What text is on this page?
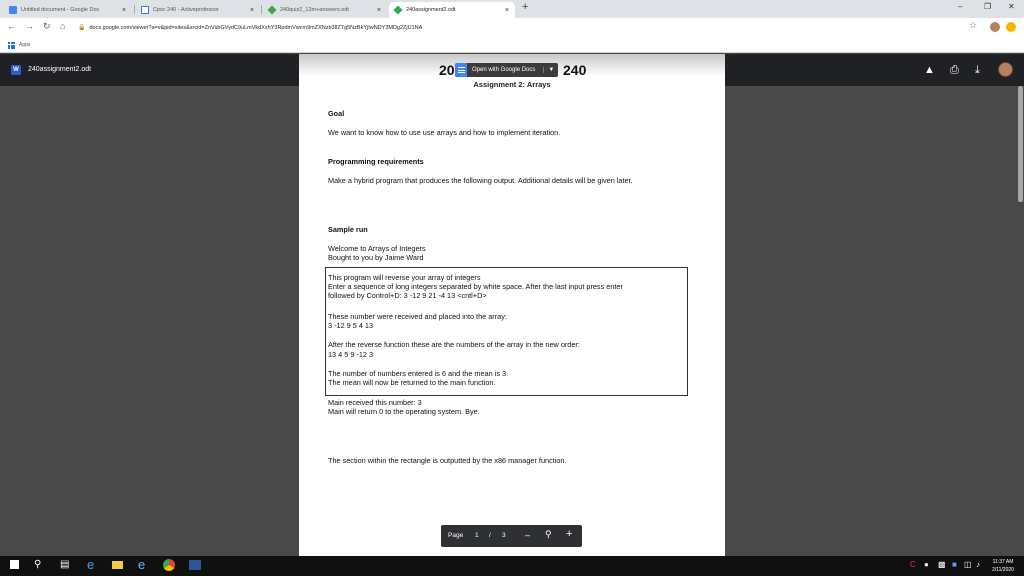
Untitled document - Google Doc	×	Cpsc 240 - Activeprofessor	×	240quiz2_12m+answers.odt	×	240assignment2.odt	× +	–	❐ ✕
← → ↻ ⌂ 🔒 docs.google.com/viewer?a=v&pid=sites&srcid=ZnVsbGVydC9uLmVkdXxhY3RpdmVwcm9mZXNzb3IlZTg5NzBkYjIwNDY3MDg2ZjU1NA	☆
Apps
W	240assignment2.odt	▲ ⎙ ⤓
20	240
Open with Google Docs	▼
Assignment 2: Arrays
Goal
We want to know how to use use arrays and how to implement iteration.
Programming requirements
Make a hybrid program that produces the following output. Additional details will be given later.
Sample run
Welcome to Arrays of Integers
Bought to you by Jaime Ward
This program will reverse your array of integers
Enter a sequence of long integers separated by white space. After the last input press enter
followed by Control+D: 3 -12 9 21 -4 13 <cntl+D>
These number were received and placed into the array:
3 -12 9 5 4 13
After the reverse function these are the numbers of the array in the new order:
13 4 5 9 -12 3
The number of numbers entered is 6 and the mean is 3.
The mean will now be returned to the main function.
Main received this number: 3
Main will return 0 to the operating system. Bye.
The section within the rectangle is outputted by the x86 manager function.
Page 1 / 3 – ⚲ +
⚲ ▤ e	e	C ● ▩ ■ ◫ ♪	11:37 AM
2/11/2020
